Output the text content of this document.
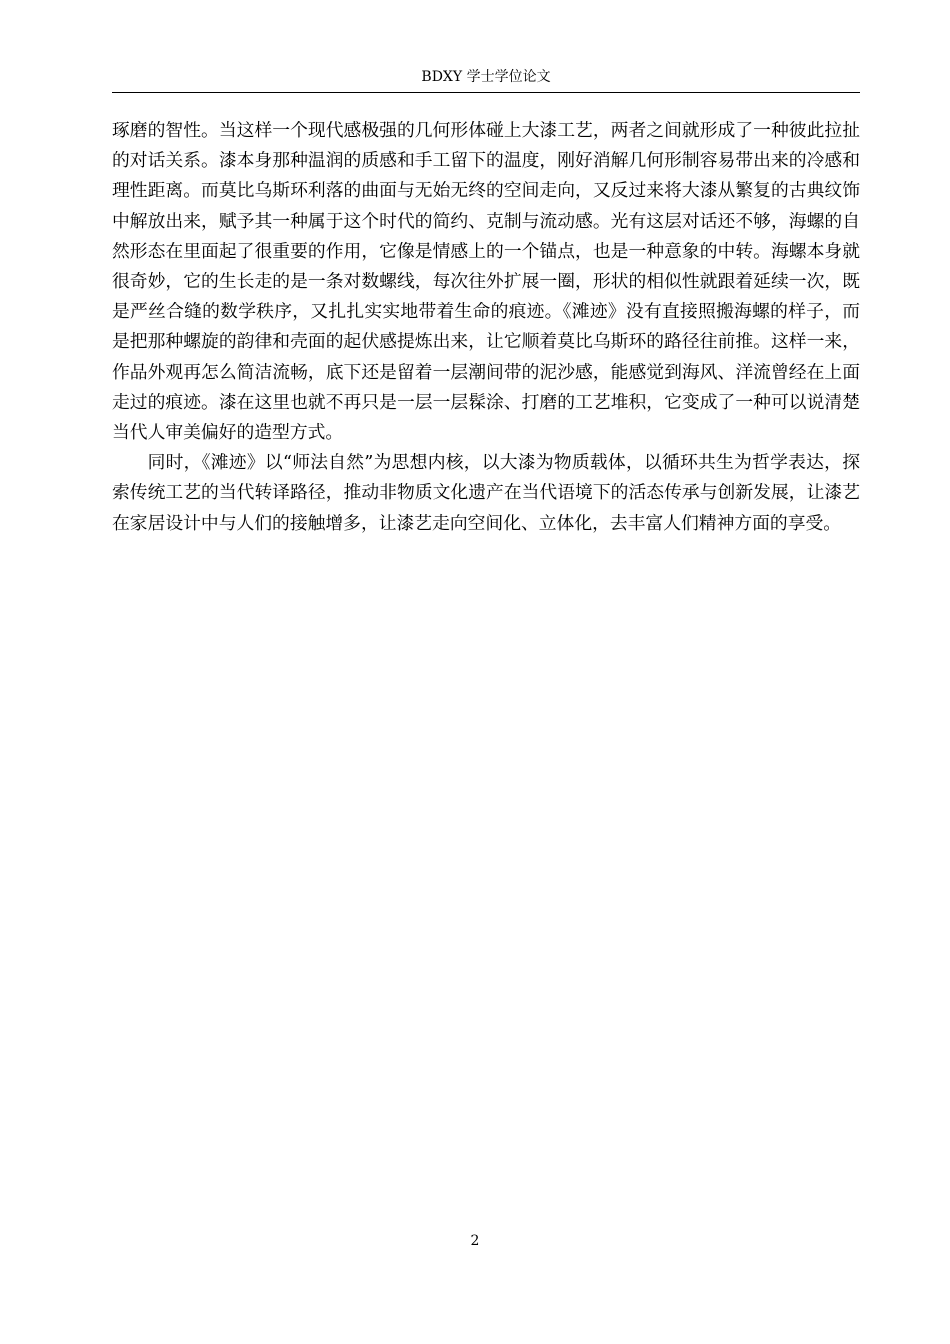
BDXY 学士学位论文

琢磨的智性。当这样一个现代感极强的几何形体碰上大漆工艺，两者之间就形成了一种彼此拉扯的对话关系。漆本身那种温润的质感和手工留下的温度，刚好消解几何形制容易带出来的冷感和理性距离。而莫比乌斯环利落的曲面与无始无终的空间走向，又反过来将大漆从繁复的古典纹饰中解放出来，赋予其一种属于这个时代的简约、克制与流动感。光有这层对话还不够，海螺的自然形态在里面起了很重要的作用，它像是情感上的一个锚点，也是一种意象的中转。海螺本身就很奇妙，它的生长走的是一条对数螺线，每次往外扩展一圈，形状的相似性就跟着延续一次，既是严丝合缝的数学秩序，又扎扎实实地带着生命的痕迹。《滩迹》没有直接照搬海螺的样子，而是把那种螺旋的韵律和壳面的起伏感提炼出来，让它顺着莫比乌斯环的路径往前推。这样一来，作品外观再怎么简洁流畅，底下还是留着一层潮间带的泥沙感，能感觉到海风、洋流曾经在上面走过的痕迹。漆在这里也就不再只是一层一层髹涂、打磨的工艺堆积，它变成了一种可以说清楚当代人审美偏好的造型方式。

同时，《滩迹》以“师法自然”为思想内核，以大漆为物质载体，以循环共生为哲学表达，探索传统工艺的当代转译路径，推动非物质文化遗产在当代语境下的活态传承与创新发展，让漆艺在家居设计中与人们的接触增多，让漆艺走向空间化、立体化，去丰富人们精神方面的享受。

2
